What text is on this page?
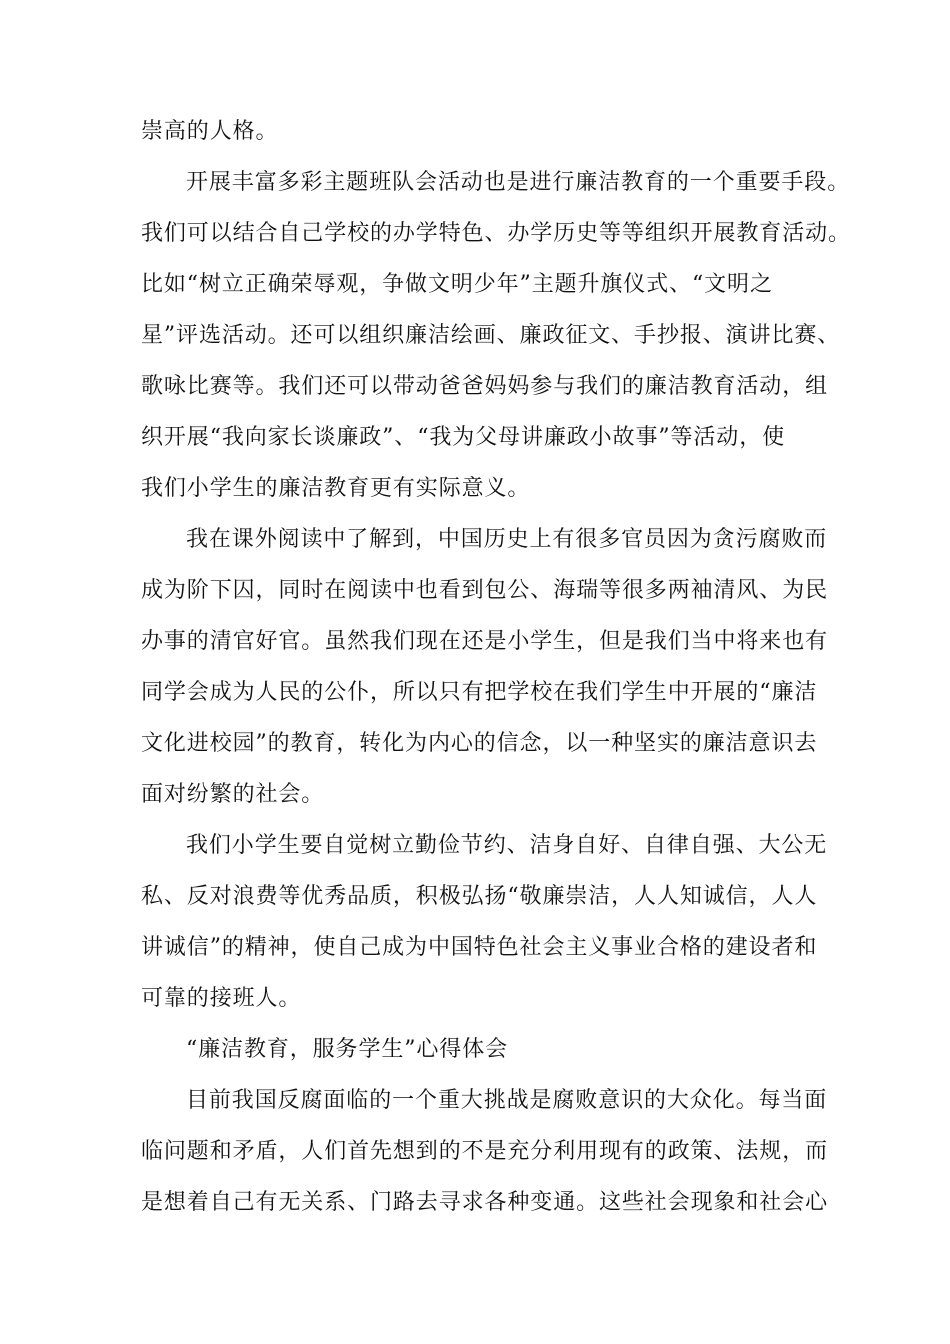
崇高的人格。

开展丰富多彩主题班队会活动也是进行廉洁教育的一个重要手段。

我们可以结合自己学校的办学特色、办学历史等等组织开展教育活动。

比如“树立正确荣辱观，争做文明少年”主题升旗仪式、“文明之

星”评选活动。还可以组织廉洁绘画、廉政征文、手抄报、演讲比赛、

歌咏比赛等。我们还可以带动爸爸妈妈参与我们的廉洁教育活动，组

织开展“我向家长谈廉政”、“我为父母讲廉政小故事”等活动，使

我们小学生的廉洁教育更有实际意义。

我在课外阅读中了解到，中国历史上有很多官员因为贪污腐败而

成为阶下囚，同时在阅读中也看到包公、海瑞等很多两袖清风、为民

办事的清官好官。虽然我们现在还是小学生，但是我们当中将来也有

同学会成为人民的公仆，所以只有把学校在我们学生中开展的“廉洁

文化进校园”的教育，转化为内心的信念，以一种坚实的廉洁意识去

面对纷繁的社会。

我们小学生要自觉树立勤俭节约、洁身自好、自律自强、大公无

私、反对浪费等优秀品质，积极弘扬“敬廉崇洁，人人知诚信，人人

讲诚信”的精神，使自己成为中国特色社会主义事业合格的建设者和

可靠的接班人。

“廉洁教育，服务学生”心得体会

目前我国反腐面临的一个重大挑战是腐败意识的大众化。每当面

临问题和矛盾，人们首先想到的不是充分利用现有的政策、法规，而

是想着自己有无关系、门路去寻求各种变通。这些社会现象和社会心
